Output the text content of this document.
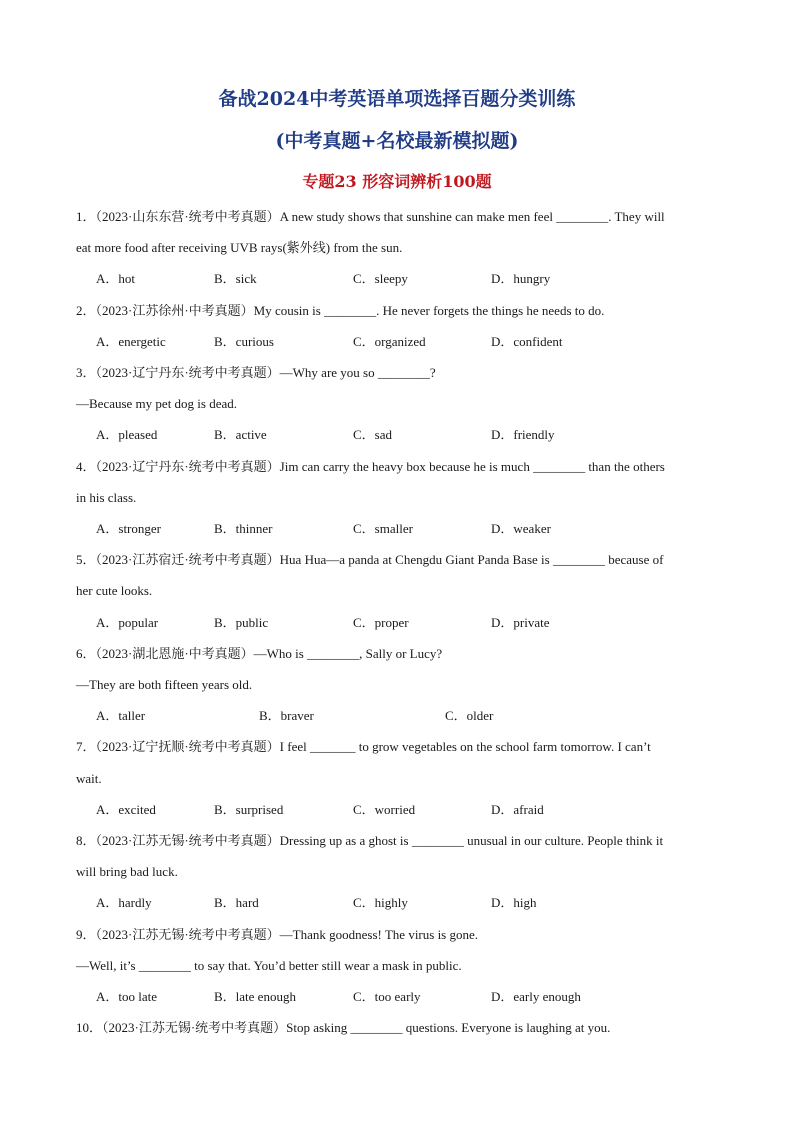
备战2024中考英语单项选择百题分类训练
(中考真题+名校最新模拟题)
专题23 形容词辨析100题
1．（2023·山东东营·统考中考真题）A new study shows that sunshine can make men feel ________. They will
eat more food after receiving UVB rays(紫外线) from the sun.
A．hot	B．sick	C．sleepy	D．hungry
2．（2023·江苏徐州·中考真题）My cousin is ________. He never forgets the things he needs to do.
A．energetic	B．curious	C．organized	D．confident
3．（2023·辽宁丹东·统考中考真题）—Why are you so ________?
—Because my pet dog is dead.
A．pleased	B．active	C．sad	D．friendly
4．（2023·辽宁丹东·统考中考真题）Jim can carry the heavy box because he is much ________ than the others
in his class.
A．stronger	B．thinner	C．smaller	D．weaker
5．（2023·江苏宿迁·统考中考真题）Hua Hua—a panda at Chengdu Giant Panda Base is ________ because of
her cute looks.
A．popular	B．public	C．proper	D．private
6．（2023·湖北恩施·中考真题）—Who is ________, Sally or Lucy?
—They are both fifteen years old.
A．taller	B．braver	C．older
7．（2023·辽宁抚顺·统考中考真题）I feel _______ to grow vegetables on the school farm tomorrow. I can’t
wait.
A．excited	B．surprised	C．worried	D．afraid
8．（2023·江苏无锡·统考中考真题）Dressing up as a ghost is ________ unusual in our culture. People think it
will bring bad luck.
A．hardly	B．hard	C．highly	D．high
9．（2023·江苏无锡·统考中考真题）—Thank goodness! The virus is gone.
—Well, it’s ________ to say that. You’d better still wear a mask in public.
A．too late	B．late enough	C．too early	D．early enough
10．（2023·江苏无锡·统考中考真题）Stop asking ________ questions. Everyone is laughing at you.
